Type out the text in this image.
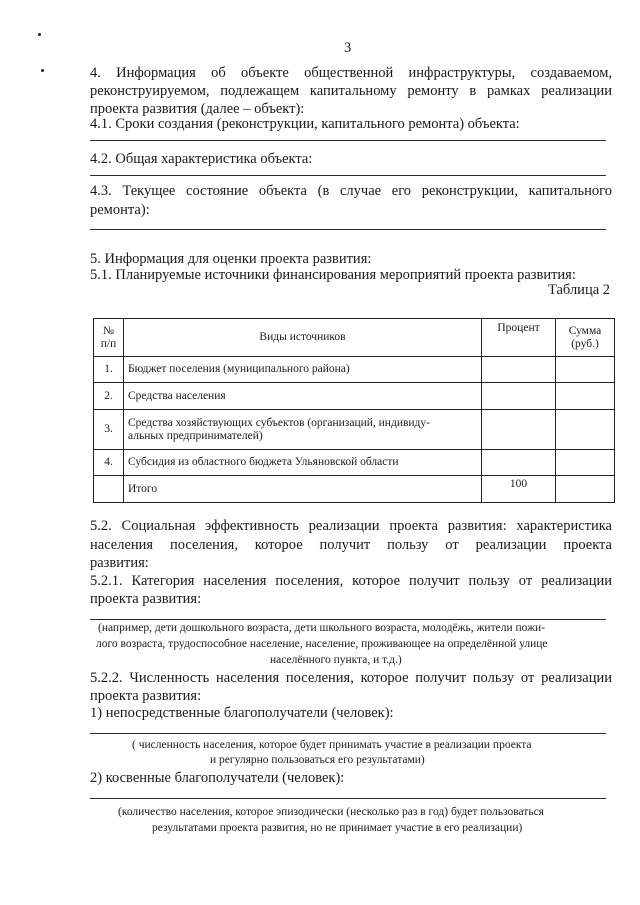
3
4. Информация об объекте общественной инфраструктуры, создаваемом,
реконструируемом, подлежащем капитальному ремонту в рамках реализации
проекта развития (далее – объект):
4.1. Сроки создания (реконструкции, капитального ремонта) объекта:
4.2. Общая характеристика объекта:
4.3. Текущее состояние объекта (в случае его реконструкции, капитального
ремонта):
5. Информация для оценки проекта развития:
5.1. Планируемые источники финансирования мероприятий проекта развития:
Таблица 2
№ п/п	Виды источников	Процент	Сумма (руб.)
1.	Бюджет поселения (муниципального района)		
2.	Средства населения		
3.	Средства хозяйствующих субъектов (организаций, индивиду-
альных предпринимателей)		

4.	Субсидия из областного бюджета Ульяновской области		
	Итого	100	
5.2. Социальная эффективность реализации проекта развития: характеристика
населения поселения, которое получит пользу от реализации проекта
развития:
5.2.1. Категория населения поселения, которое получит пользу от реализации
проекта развития:
(например, дети дошкольного возраста, дети школьного возраста, молодёжь, жители пожи-
лого возраста, трудоспособное население, население, проживающее на определённой улице
населённого пункта, и т.д.)
5.2.2. Численность населения поселения, которое получит пользу от реализации
проекта развития:
1) непосредственные благополучатели (человек):
( численность населения, которое будет принимать участие в реализации проекта
и регулярно пользоваться его результатами)
2) косвенные благополучатели (человек):
(количество населения, которое эпизодически (несколько раз в год) будет пользоваться
результатами проекта развития, но не принимает участие в его реализации)
